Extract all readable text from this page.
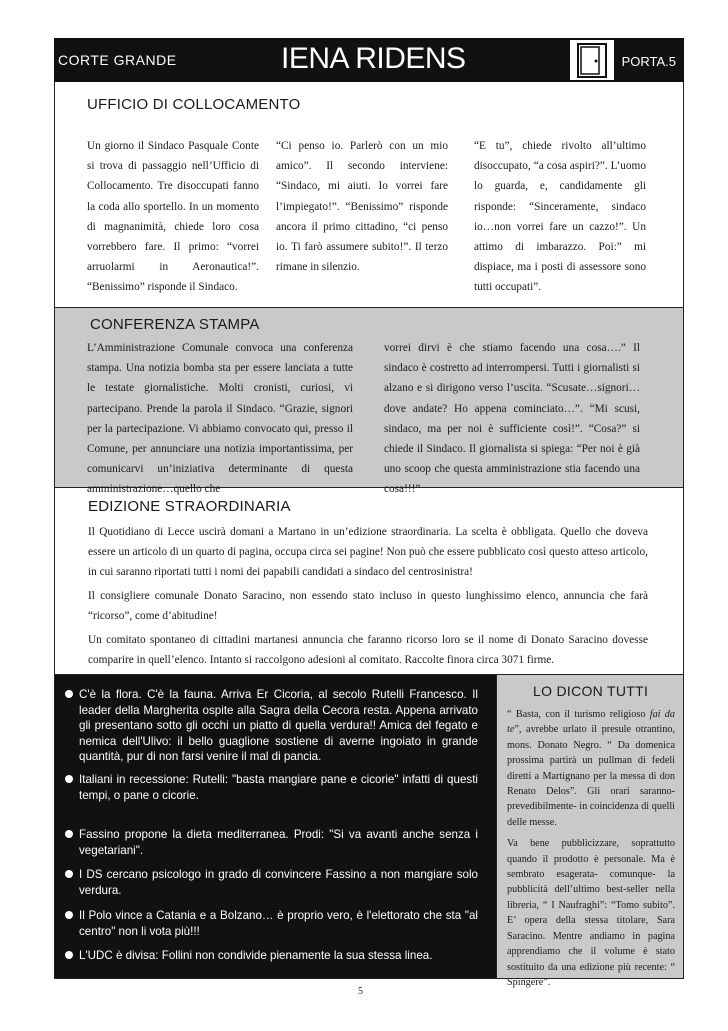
CORTE GRANDE	IENA RIDENS	PORTA.5
UFFICIO DI COLLOCAMENTO
Un giorno il Sindaco Pasquale Conte si trova di passaggio nell’Ufficio di Collocamento. Tre disoccupati fanno la coda allo sportello. In un momento di magnanimità, chiede loro cosa vorrebbero fare. Il primo: “vorrei arruolarmi in Aeronautica!”. “Benissimo” risponde il Sindaco.
“Ci penso io. Parlerò con un mio amico”. Il secondo interviene: “Sindaco, mi aiuti. Io vorrei fare l’impiegato!”. “Benissimo” risponde ancora il primo cittadino, “ci penso io. Ti farò assumere subito!”. Il terzo rimane in silenzio.
“E tu”, chiede rivolto all’ultimo disoccupato, “a cosa aspiri?”. L’uomo lo guarda, e, candidamente gli risponde: “Sinceramente, sindaco io…non vorrei fare un cazzo!”. Un attimo di imbarazzo. Poi:” mi dispiace, ma i posti di assessore sono tutti occupati”.
CONFERENZA STAMPA
L’Amministrazione Comunale convoca una conferenza stampa. Una notizia bomba sta per essere lanciata a tutte le testate giornalistiche. Molti cronisti, curiosi, vi partecipano. Prende la parola il Sindaco. “Grazie, signori per la partecipazione. Vi abbiamo convocato qui, presso il Comune, per annunciare una notizia importantissima, per comunicarvi un’iniziativa determinante di questa amministrazione…quello che
vorrei dirvi è che stiamo facendo una cosa….” Il sindaco è costretto ad interrompersi. Tutti i giornalisti si alzano e si dirigono verso l’uscita. “Scusate…signori…dove andate? Ho appena cominciato…”. “Mi scusi, sindaco, ma per noi è sufficiente così!”. “Cosa?” si chiede il Sindaco. Il giornalista si spiega: “Per noi è già uno scoop che questa amministrazione stia facendo una cosa!!!”
EDIZIONE STRAORDINARIA
Il Quotidiano di Lecce uscirà domani a Martano in un’edizione straordinaria. La scelta è obbligata. Quello che doveva essere un articolo di un quarto di pagina, occupa circa sei pagine! Non può che essere pubblicato così questo atteso articolo, in cui saranno riportati tutti i nomi dei papabili candidati a sindaco del centrosinistra!
Il consigliere comunale Donato Saracino, non essendo stato incluso in questo lunghissimo elenco, annuncia che farà “ricorso”, come d’abitudine!
Un comitato spontaneo di cittadini martanesi annuncia che faranno ricorso loro se il nome di Donato Saracino dovesse comparire in quell’elenco. Intanto si raccolgono adesioni al comitato. Raccolte finora circa 3071 firme.
C'è la flora. C'è la fauna. Arriva Er Cicoria, al secolo Rutelli Francesco. Il leader della Margherita ospite alla Sagra della Cecora resta. Appena arrivato gli presentano sotto gli occhi un piatto di quella verdura!! Amica del fegato e nemica dell'Ulivo: il bello guaglione sostiene di averne ingoiato in grande quantità, pur di non farsi venire il mal di pancia.
Italiani in recessione: Rutelli: "basta mangiare pane e cicorie" infatti di questi tempi, o pane o cicorie.
Fassino propone la dieta mediterranea. Prodi: "Si va avanti anche senza i vegetariani".
I DS cercano psicologo in grado di convincere Fassino a non mangiare solo verdura.
Il Polo vince a Catania e a Bolzano… è proprio vero, è l'elettorato che sta "al centro" non li vota più!!!
L'UDC è divisa: Follini non condivide pienamente la sua stessa linea.
LO DICON TUTTI

“ Basta, con il turismo religioso fai da te”, avrebbe urlato il presule otrantino, mons. Donato Negro. “ Da domenica prossima partirà un pullman di fedeli diretti a Martignano per la messa di don Renato Delos”. Gli orari saranno-prevedibilmente- in coincidenza di quelli delle messe.

Va bene pubblicizzare, soprattutto quando il prodotto è personale. Ma è sembrato esagerata- comunque- la pubblicità dell’ultimo best-seller nella libreria, “ I Naufraghi”: “Tomo subito”. E’ opera della stessa titolare, Sara Saracino. Mentre andiamo in pagina apprendiamo che il volume è stato sostituito da una edizione più recente: “ Spingere”.

5
